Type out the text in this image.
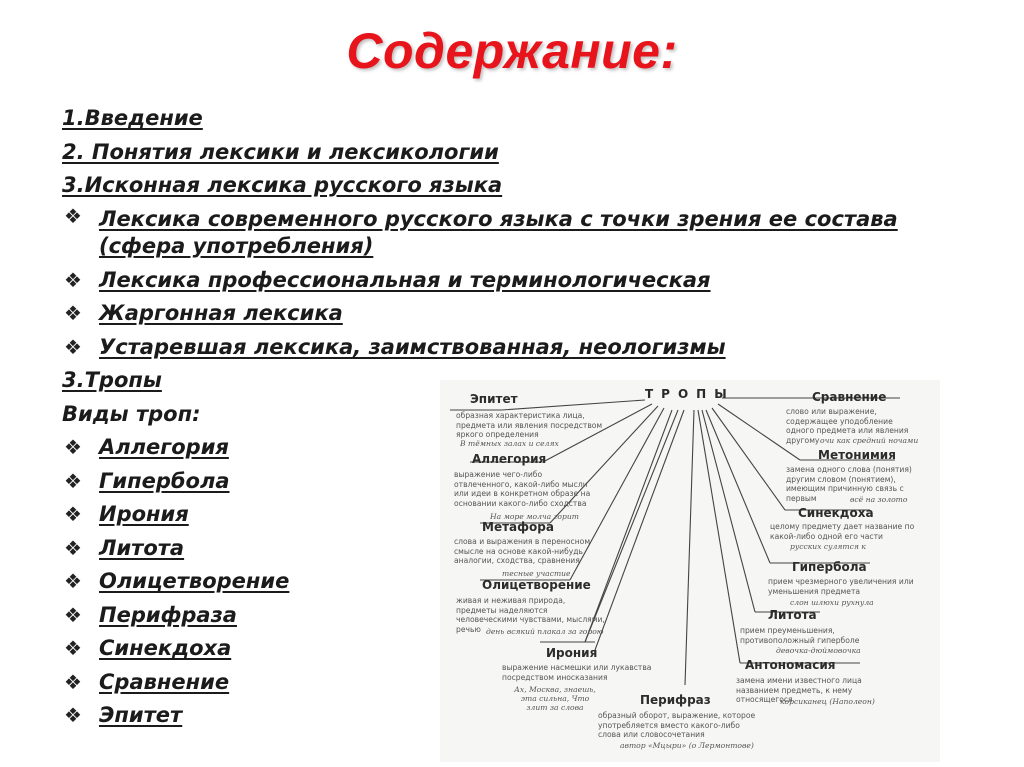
Содержание:
1.Введение
2. Понятия лексики и лексикологии
3.Исконная лексика русского языка
❖ Лексика современного русского языка с точки зрения ее состава (сфера употребления)
❖ Лексика профессиональная и терминологическая
❖ Жаргонная лексика
❖ Устаревшая лексика, заимствованная, неологизмы
3.Тропы
Виды троп:
❖ Аллегория
❖ Гипербола
❖ Ирония
❖ Литота
❖ Олицетворение
❖ Перифраза
❖ Синекдоха
❖ Сравнение
❖ Эпитет
ТРОПЫ
Эпитет
образная характеристика лица, предмета или явления посредством яркого определения
В тёмных залах и селях
Аллегория
выражение чего-либо отвлеченного, какой-либо мысли или идеи в конкретном образе на основании какого-либо сходства
На море молча горит
Метафора
слова и выражения в переносном смысле на основе какой-нибудь аналогии, сходства, сравнения
тесные участие
Олицетворение
живая и неживая природа, предметы наделяются человеческими чувствами, мыслями, речью день всякий плакал за горою
Ирония
выражение насмешки или лукавства посредством иносказания
Ах, Москва, знаешь, эта сильна, Что злит за слова
Сравнение
слово или выражение, содержащее уподобление одного предмета или явления другому очи как средний ночами
Метонимия
замена одного слова (понятия) другим словом (понятием), имеющим причинную связь с первым	всё на золото
Синекдоха
целому предмету дает название по какой-либо одной его части
русских сулятся к
Гипербола
прием чрезмерного увеличения или уменьшения предмета
слон шлюхи рухнула
Литота
прием преуменьшения, противоположный гиперболе
девочка-дюймовочка
Антономасия
замена имени известного лица названием предметь, к нему относящегося
корсиканец (Наполеон)
Перифраз
образный оборот, выражение, которое употребляется вместо какого-либо слова или словосочетания
автор «Мцыри» (о Лермонтове)
